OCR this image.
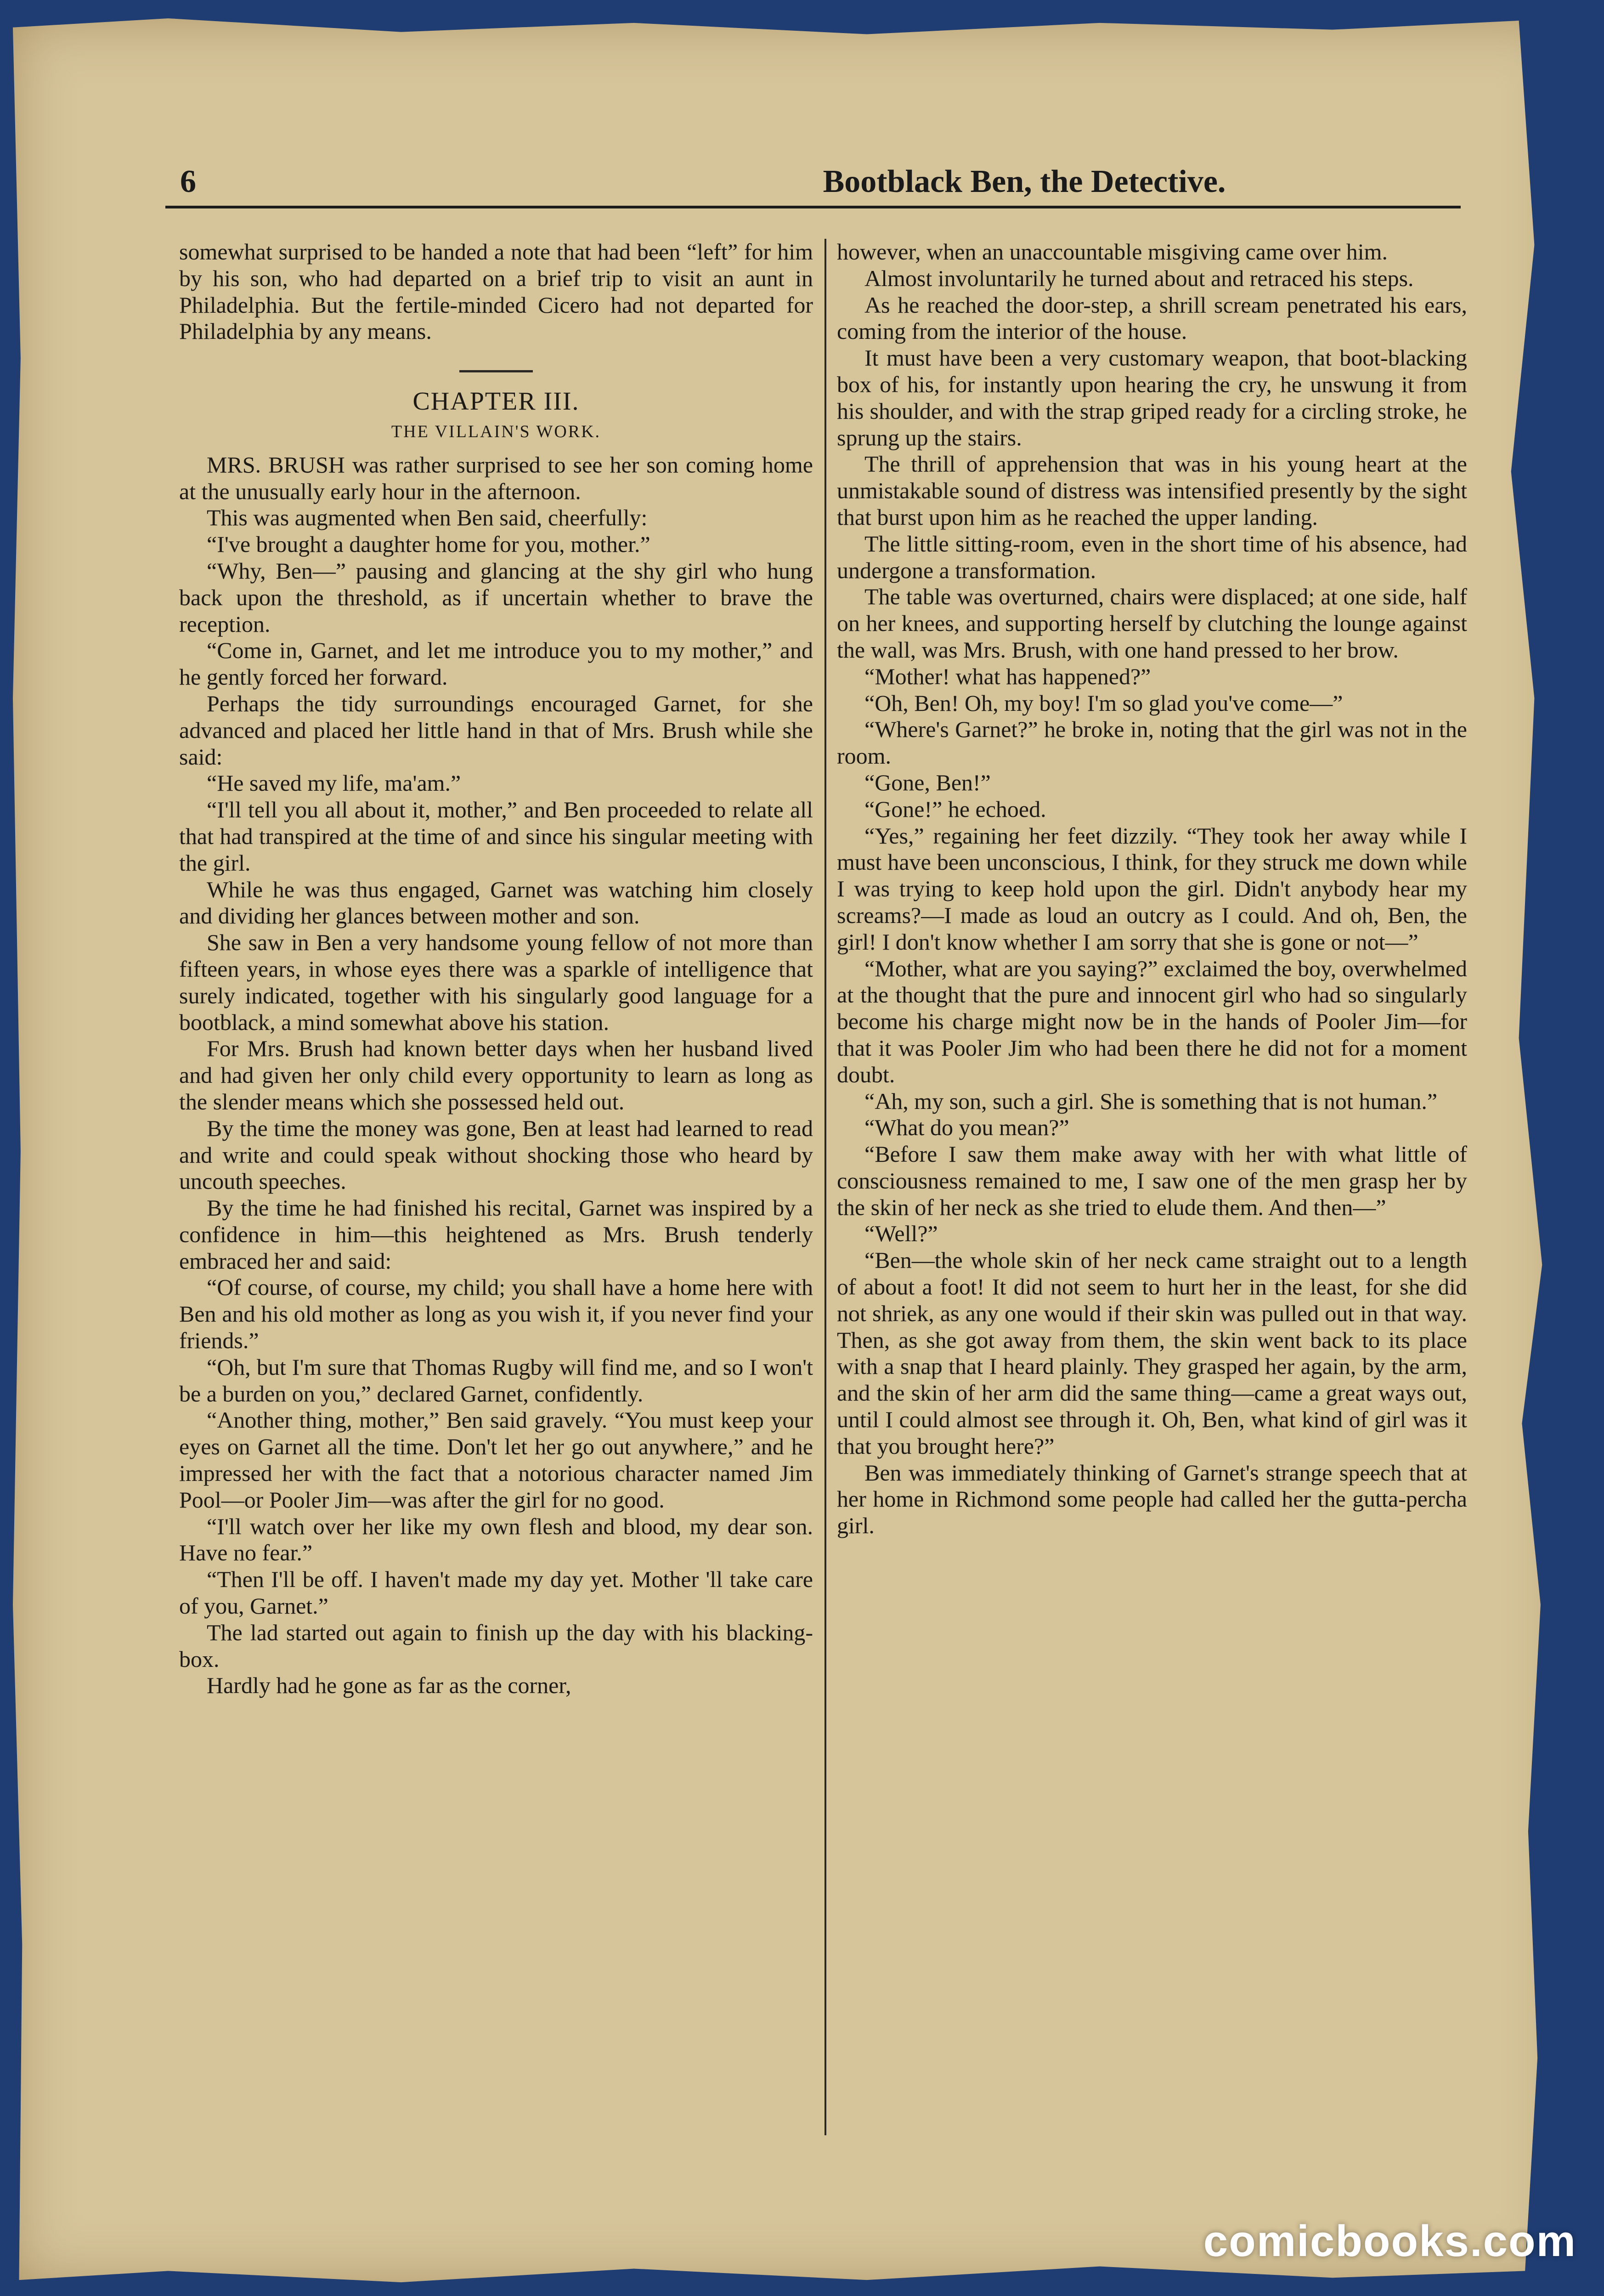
6	Bootblack Ben, the Detective.

somewhat surprised to be handed a note that had been “left” for him by his son, who had departed on a brief trip to visit an aunt in Philadelphia. But the fertile-minded Cicero had not departed for Philadelphia by any means.

CHAPTER III.
THE VILLAIN'S WORK.

MRS. BRUSH was rather surprised to see her son coming home at the unusually early hour in the afternoon.

This was augmented when Ben said, cheerfully:

“I've brought a daughter home for you, mother.”

“Why, Ben—” pausing and glancing at the shy girl who hung back upon the threshold, as if uncertain whether to brave the reception.

“Come in, Garnet, and let me introduce you to my mother,” and he gently forced her forward.

Perhaps the tidy surroundings encouraged Garnet, for she advanced and placed her little hand in that of Mrs. Brush while she said:

“He saved my life, ma'am.”

“I'll tell you all about it, mother,” and Ben proceeded to relate all that had transpired at the time of and since his singular meeting with the girl.

While he was thus engaged, Garnet was watching him closely and dividing her glances between mother and son.

She saw in Ben a very handsome young fellow of not more than fifteen years, in whose eyes there was a sparkle of intelligence that surely indicated, together with his singularly good language for a bootblack, a mind somewhat above his station.

For Mrs. Brush had known better days when her husband lived and had given her only child every opportunity to learn as long as the slender means which she possessed held out.

By the time the money was gone, Ben at least had learned to read and write and could speak without shocking those who heard by uncouth speeches.

By the time he had finished his recital, Garnet was inspired by a confidence in him—this heightened as Mrs. Brush tenderly embraced her and said:

“Of course, of course, my child; you shall have a home here with Ben and his old mother as long as you wish it, if you never find your friends.”

“Oh, but I'm sure that Thomas Rugby will find me, and so I won't be a burden on you,” declared Garnet, confidently.

“Another thing, mother,” Ben said gravely. “You must keep your eyes on Garnet all the time. Don't let her go out anywhere,” and he impressed her with the fact that a notorious character named Jim Pool—or Pooler Jim—was after the girl for no good.

“I'll watch over her like my own flesh and blood, my dear son. Have no fear.”

“Then I'll be off. I haven't made my day yet. Mother 'll take care of you, Garnet.”

The lad started out again to finish up the day with his blacking-box.

Hardly had he gone as far as the corner,

however, when an unaccountable misgiving came over him.

Almost involuntarily he turned about and retraced his steps.

As he reached the door-step, a shrill scream penetrated his ears, coming from the interior of the house.

It must have been a very customary weapon, that boot-blacking box of his, for instantly upon hearing the cry, he unswung it from his shoulder, and with the strap griped ready for a circling stroke, he sprung up the stairs.

The thrill of apprehension that was in his young heart at the unmistakable sound of distress was intensified presently by the sight that burst upon him as he reached the upper landing.

The little sitting-room, even in the short time of his absence, had undergone a transformation.

The table was overturned, chairs were displaced; at one side, half on her knees, and supporting herself by clutching the lounge against the wall, was Mrs. Brush, with one hand pressed to her brow.

“Mother! what has happened?”

“Oh, Ben! Oh, my boy! I'm so glad you've come—”

“Where's Garnet?” he broke in, noting that the girl was not in the room.

“Gone, Ben!”

“Gone!” he echoed.

“Yes,” regaining her feet dizzily. “They took her away while I must have been unconscious, I think, for they struck me down while I was trying to keep hold upon the girl. Didn't anybody hear my screams?—I made as loud an outcry as I could. And oh, Ben, the girl! I don't know whether I am sorry that she is gone or not—”

“Mother, what are you saying?” exclaimed the boy, overwhelmed at the thought that the pure and innocent girl who had so singularly become his charge might now be in the hands of Pooler Jim—for that it was Pooler Jim who had been there he did not for a moment doubt.

“Ah, my son, such a girl. She is something that is not human.”

“What do you mean?”

“Before I saw them make away with her with what little of consciousness remained to me, I saw one of the men grasp her by the skin of her neck as she tried to elude them. And then—”

“Well?”

“Ben—the whole skin of her neck came straight out to a length of about a foot! It did not seem to hurt her in the least, for she did not shriek, as any one would if their skin was pulled out in that way. Then, as she got away from them, the skin went back to its place with a snap that I heard plainly. They grasped her again, by the arm, and the skin of her arm did the same thing—came a great ways out, until I could almost see through it. Oh, Ben, what kind of girl was it that you brought here?”

Ben was immediately thinking of Garnet's strange speech that at her home in Richmond some people had called her the gutta-percha girl.

comicbooks.com
